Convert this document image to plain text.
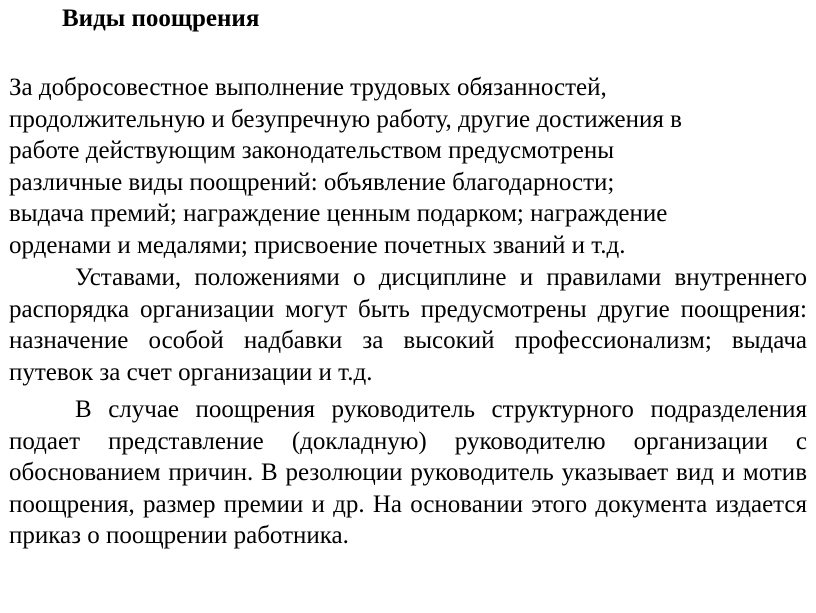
Виды поощрения
За добросовестное выполнение трудовых обязанностей,
продолжительную и безупречную работу, другие достижения в
работе действующим законодательством предусмотрены
различные виды поощрений: объявление благодарности;
выдача премий; награждение ценным подарком; награждение
орденами и медалями; присвоение почетных званий и т.д.
Уставами, положениями о дисциплине и правилами внутреннего распорядка организации могут быть предусмотрены другие поощрения: назначение особой надбавки за высокий профессионализм; выдача путевок за счет организации и т.д.
В случае поощрения руководитель структурного подразделения подает представление (докладную) руководителю организации с обоснованием причин. В резолюции руководитель указывает вид и мотив поощрения, размер премии и др. На основании этого документа издается приказ о поощрении работника.
